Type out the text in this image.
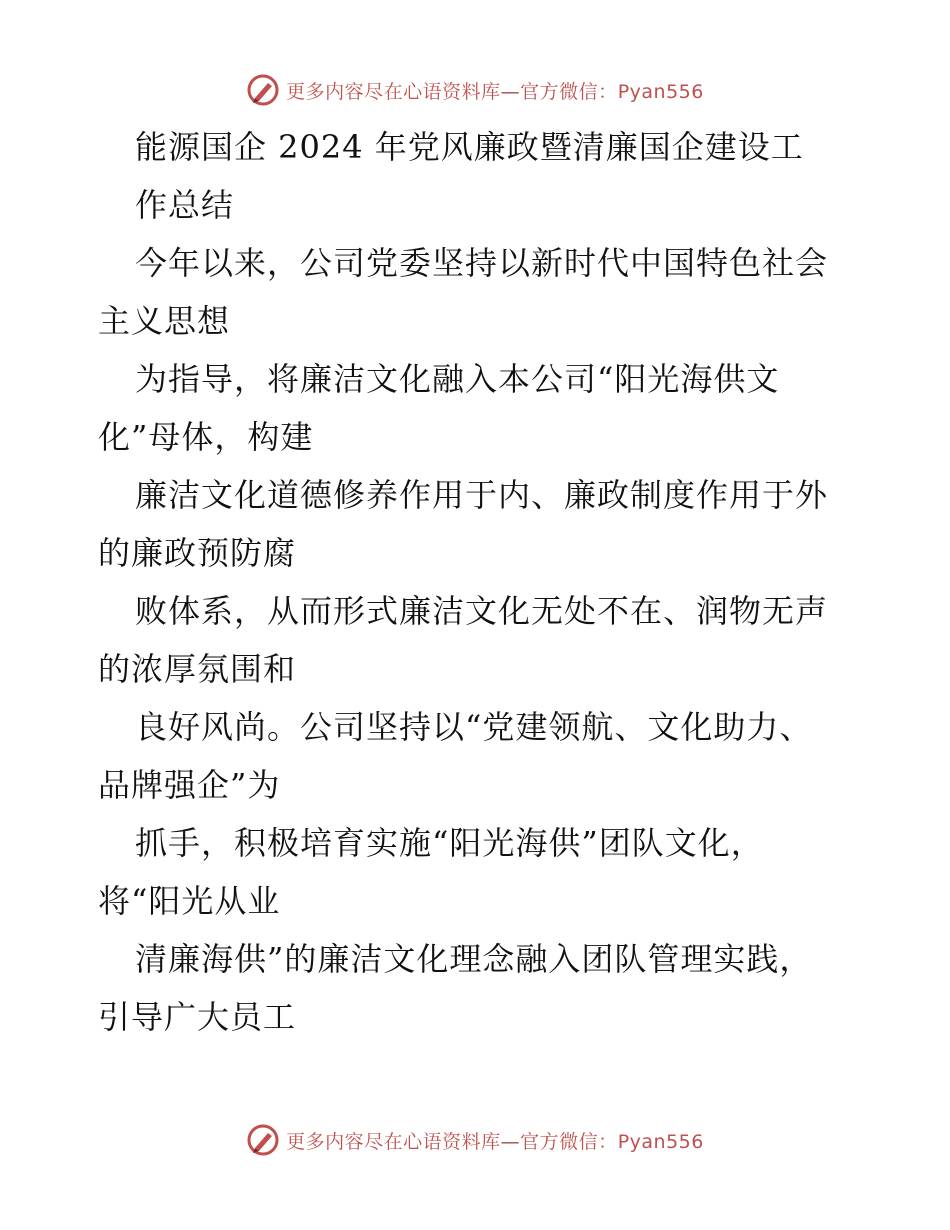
更多内容尽在心语资料库—官方微信：Pyan556
能源国企 2024 年党风廉政暨清廉国企建设工
作总结
今年以来，公司党委坚持以新时代中国特色社会
主义思想
为指导，将廉洁文化融入本公司“阳光海供文
化”母体，构建
廉洁文化道德修养作用于内、廉政制度作用于外
的廉政预防腐
败体系，从而形式廉洁文化无处不在、润物无声
的浓厚氛围和
良好风尚。公司坚持以“党建领航、文化助力、
品牌强企”为
抓手，积极培育实施“阳光海供”团队文化，
将“阳光从业
清廉海供”的廉洁文化理念融入团队管理实践，
引导广大员工
更多内容尽在心语资料库—官方微信：Pyan556
